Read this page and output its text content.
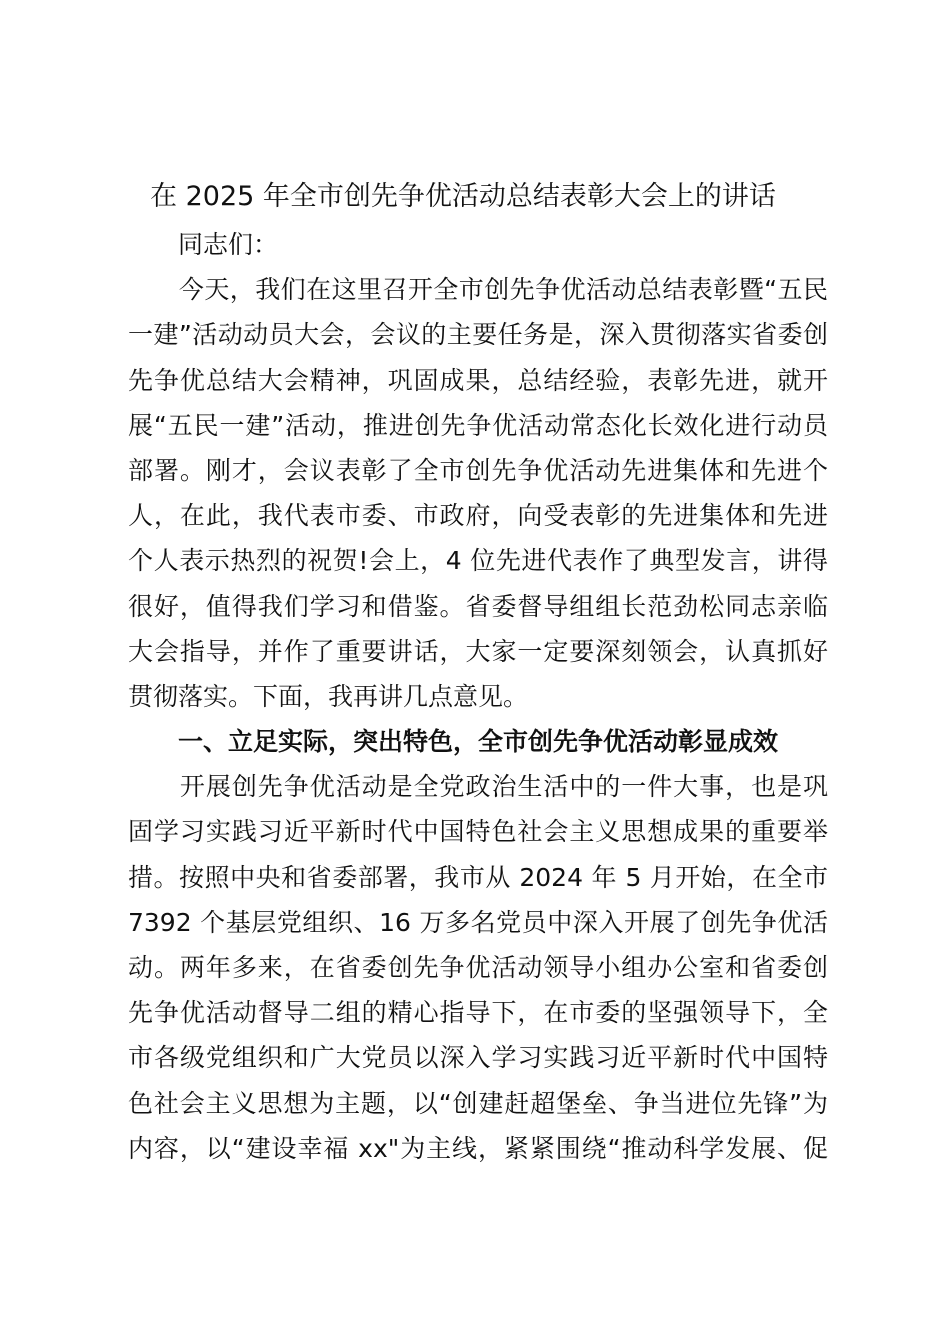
在 2025 年全市创先争优活动总结表彰大会上的讲话
　　同志们：
　　今天，我们在这里召开全市创先争优活动总结表彰暨“五民
一建”活动动员大会，会议的主要任务是，深入贯彻落实省委创
先争优总结大会精神，巩固成果，总结经验，表彰先进，就开
展“五民一建”活动，推进创先争优活动常态化长效化进行动员
部署。刚才，会议表彰了全市创先争优活动先进集体和先进个
人，在此，我代表市委、市政府，向受表彰的先进集体和先进
个人表示热烈的祝贺!会上，4 位先进代表作了典型发言，讲得
很好，值得我们学习和借鉴。省委督导组组长范劲松同志亲临
大会指导，并作了重要讲话，大家一定要深刻领会，认真抓好
贯彻落实。下面，我再讲几点意见。
　　一、立足实际，突出特色，全市创先争优活动彰显成效
　　开展创先争优活动是全党政治生活中的一件大事，也是巩
固学习实践习近平新时代中国特色社会主义思想成果的重要举
措。按照中央和省委部署，我市从 2024 年 5 月开始，在全市
7392 个基层党组织、16 万多名党员中深入开展了创先争优活
动。两年多来，在省委创先争优活动领导小组办公室和省委创
先争优活动督导二组的精心指导下，在市委的坚强领导下，全
市各级党组织和广大党员以深入学习实践习近平新时代中国特
色社会主义思想为主题，以“创建赶超堡垒、争当进位先锋”为
内容，以“建设幸福 xx"为主线，紧紧围绕“推动科学发展、促
